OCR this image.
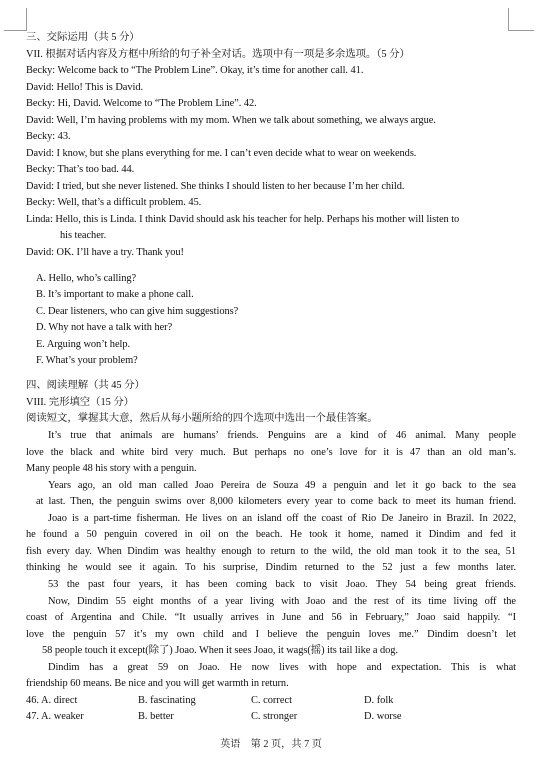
三、交际运用（共 5 分）
VII. 根据对话内容及方框中所给的句子补全对话。选项中有一项是多余选项。（5 分）
Becky: Welcome back to “The Problem Line”. Okay, it’s time for another call. 41.
David: Hello! This is David.
Becky: Hi, David. Welcome to “The Problem Line”. 42.
David: Well, I’m having problems with my mom. When we talk about something, we always argue.
Becky: 43.
David: I know, but she plans everything for me. I can’t even decide what to wear on weekends.
Becky: That’s too bad. 44.
David: I tried, but she never listened. She thinks I should listen to her because I’m her child.
Becky: Well, that’s a difficult problem. 45.
Linda: Hello, this is Linda. I think David should ask his teacher for help. Perhaps his mother will listen to
his teacher.
David: OK. I’ll have a try. Thank you!
A. Hello, who’s calling?
B. It’s important to make a phone call.
C. Dear listeners, who can give him suggestions?
D. Why not have a talk with her?
E. Arguing won’t help.
F. What’s your problem?
四、阅读理解（共 45 分）
VIII. 完形填空（15 分）
阅读短文，掌握其大意，然后从每小题所给的四个选项中选出一个最佳答案。
It’s true that animals are humans’ friends. Penguins are a kind of 46 animal. Many people
love the black and white bird very much. But perhaps no one’s love for it is 47 than an old man’s.
Many people 48 his story with a penguin.
Years ago, an old man called Joao Pereira de Souza 49 a penguin and let it go back to the sea
at last. Then, the penguin swims over 8,000 kilometers every year to come back to meet its human friend.
Joao is a part-time fisherman. He lives on an island off the coast of Rio De Janeiro in Brazil. In 2022,
he found a 50 penguin covered in oil on the beach. He took it home, named it Dindim and fed it
fish every day. When Dindim was healthy enough to return to the wild, the old man took it to the sea, 51
thinking he would see it again. To his surprise, Dindim returned to the 52 just a few months later.
53 the past four years, it has been coming back to visit Joao. They 54 being great friends.
Now, Dindim 55 eight months of a year living with Joao and the rest of its time living off the
coast of Argentina and Chile. “It usually arrives in June and 56 in February,” Joao said happily. “I
love the penguin 57 it’s my own child and I believe the penguin loves me.” Dindim doesn’t let
58 people touch it except(除了) Joao. When it sees Joao, it wags(摇) its tail like a dog.
Dindim has a great 59 on Joao. He now lives with hope and expectation. This is what
friendship 60 means. Be nice and you will get warmth in return.
46. A. direct	B. fascinating	C. correct	D. folk
47. A. weaker	B. better	C. stronger	D. worse
英语　第 2 页，共 7 页
